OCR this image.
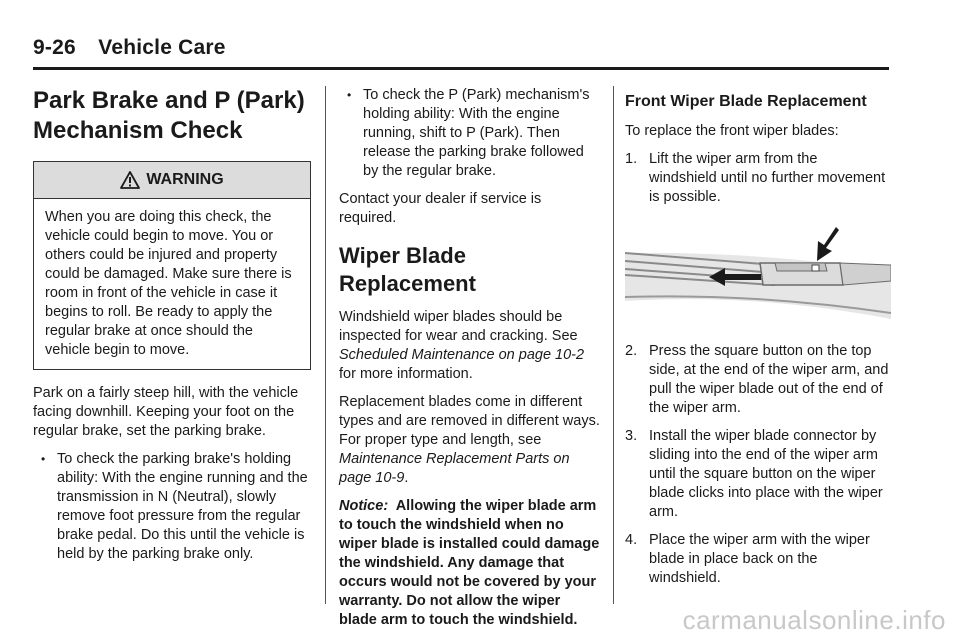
9-26 Vehicle Care
Park Brake and P (Park) Mechanism Check
WARNING
When you are doing this check, the vehicle could begin to move. You or others could be injured and property could be damaged. Make sure there is room in front of the vehicle in case it begins to roll. Be ready to apply the regular brake at once should the vehicle begin to move.

Park on a fairly steep hill, with the vehicle facing downhill. Keeping your foot on the regular brake, set the parking brake.

• To check the parking brake's holding ability: With the engine running and the transmission in N (Neutral), slowly remove foot pressure from the regular brake pedal. Do this until the vehicle is held by the parking brake only.
• To check the P (Park) mechanism's holding ability: With the engine running, shift to P (Park). Then release the parking brake followed by the regular brake.

Contact your dealer if service is required.

Wiper Blade Replacement

Windshield wiper blades should be inspected for wear and cracking. See Scheduled Maintenance on page 10-2 for more information.

Replacement blades come in different types and are removed in different ways. For proper type and length, see Maintenance Replacement Parts on page 10-9.

Notice: Allowing the wiper blade arm to touch the windshield when no wiper blade is installed could damage the windshield. Any damage that occurs would not be covered by your warranty. Do not allow the wiper blade arm to touch the windshield.

Front Wiper Blade Replacement

To replace the front wiper blades:

1. Lift the wiper arm from the windshield until no further movement is possible.
2. Press the square button on the top side, at the end of the wiper arm, and pull the wiper blade out of the end of the wiper arm.
3. Install the wiper blade connector by sliding into the end of the wiper arm until the square button on the wiper blade clicks into place with the wiper arm.
4. Place the wiper arm with the wiper blade in place back on the windshield.
carmanualsonline.info
